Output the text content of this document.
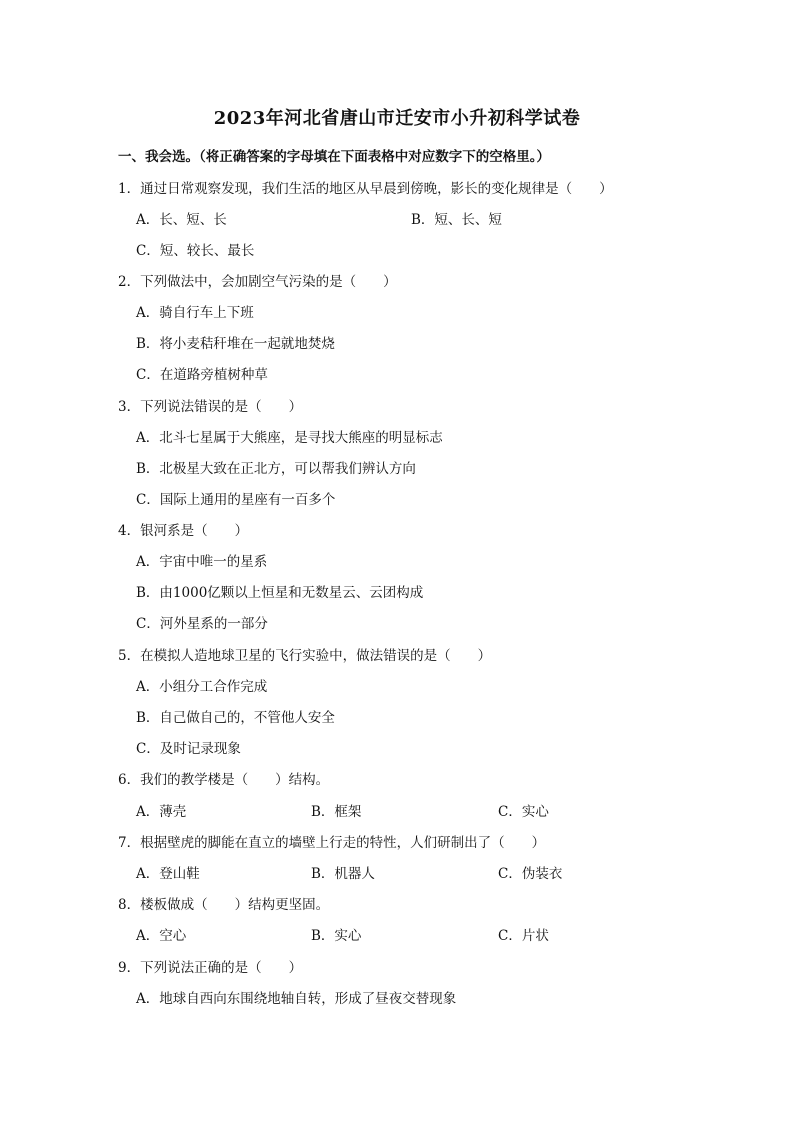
2023年河北省唐山市迁安市小升初科学试卷
一、我会选。（将正确答案的字母填在下面表格中对应数字下的空格里。）
1．通过日常观察发现，我们生活的地区从早晨到傍晚，影长的变化规律是（　　）
A．长、短、长	B．短、长、短
C．短、较长、最长
2．下列做法中，会加剧空气污染的是（　　）
A．骑自行车上下班
B．将小麦秸秆堆在一起就地焚烧
C．在道路旁植树种草
3．下列说法错误的是（　　）
A．北斗七星属于大熊座，是寻找大熊座的明显标志
B．北极星大致在正北方，可以帮我们辨认方向
C．国际上通用的星座有一百多个
4．银河系是（　　）
A．宇宙中唯一的星系
B．由1000亿颗以上恒星和无数星云、云团构成
C．河外星系的一部分
5．在模拟人造地球卫星的飞行实验中，做法错误的是（　　）
A．小组分工合作完成
B．自己做自己的，不管他人安全
C．及时记录现象
6．我们的教学楼是（　　）结构。
A．薄壳	B．框架	C．实心
7．根据壁虎的脚能在直立的墙壁上行走的特性，人们研制出了（　　）
A．登山鞋	B．机器人	C．伪装衣
8．楼板做成（　　）结构更坚固。
A．空心	B．实心	C．片状
9．下列说法正确的是（　　）
A．地球自西向东围绕地轴自转，形成了昼夜交替现象
